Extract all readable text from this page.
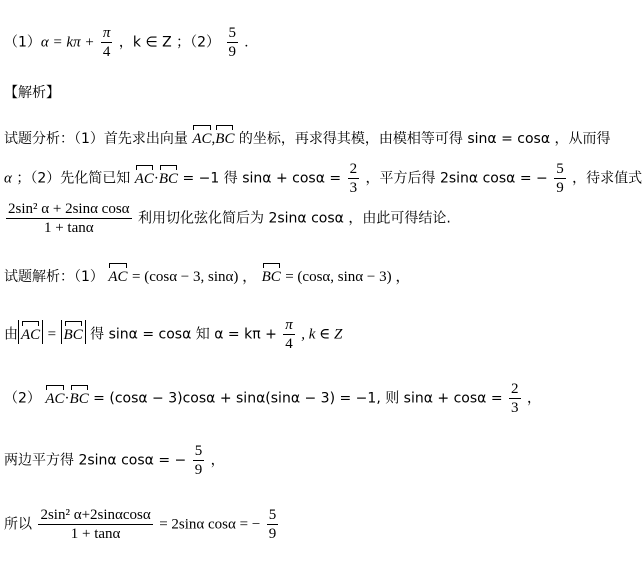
$(1)\alpha = k\pi + \frac{\pi}{4}$ ，k ∈ Z ；$(2) \frac{5}{9}$ .
【解析】
试题分析：（1）首先求出向量 AC,BC 的坐标，再求得其模，由模相等可得 sinα = cosα ，从而得
α ；（2）先化简已知 AC·BC = −1 得 $\sin\alpha + \cos\alpha = \frac{2}{3}$ ，平方后得 2sinα cosα = − $\frac{5}{9}$ ，待求值式
$\frac{\text{2sin² α + 2sinα cosα}}{1 + \tan\alpha}$ 利用切化弦化简后为 2sinα cosα ，由此可得结论.
试题解析：（1） AC = (cosα − 3, sinα) ， BC = (cosα, sinα − 3) ，
由 AC = BC 得 sinα = cosα 知 $\alpha = k\pi + \frac{\pi}{4}$ , k ∈ Z
（2） AC·BC = (cosα − 3)cosα + sinα(sinα − 3) = −1, 则 $\sin\alpha + \cos\alpha = \frac{2}{3}$ ，
两边平方得 2sinα cosα = − $\frac{5}{9}$ ，
所以 $\frac{\text{2sin² α+2sinαcosα}}{1 + \tan\alpha} = 2\sin\alpha$ cosα = − $\frac{5}{9}$
